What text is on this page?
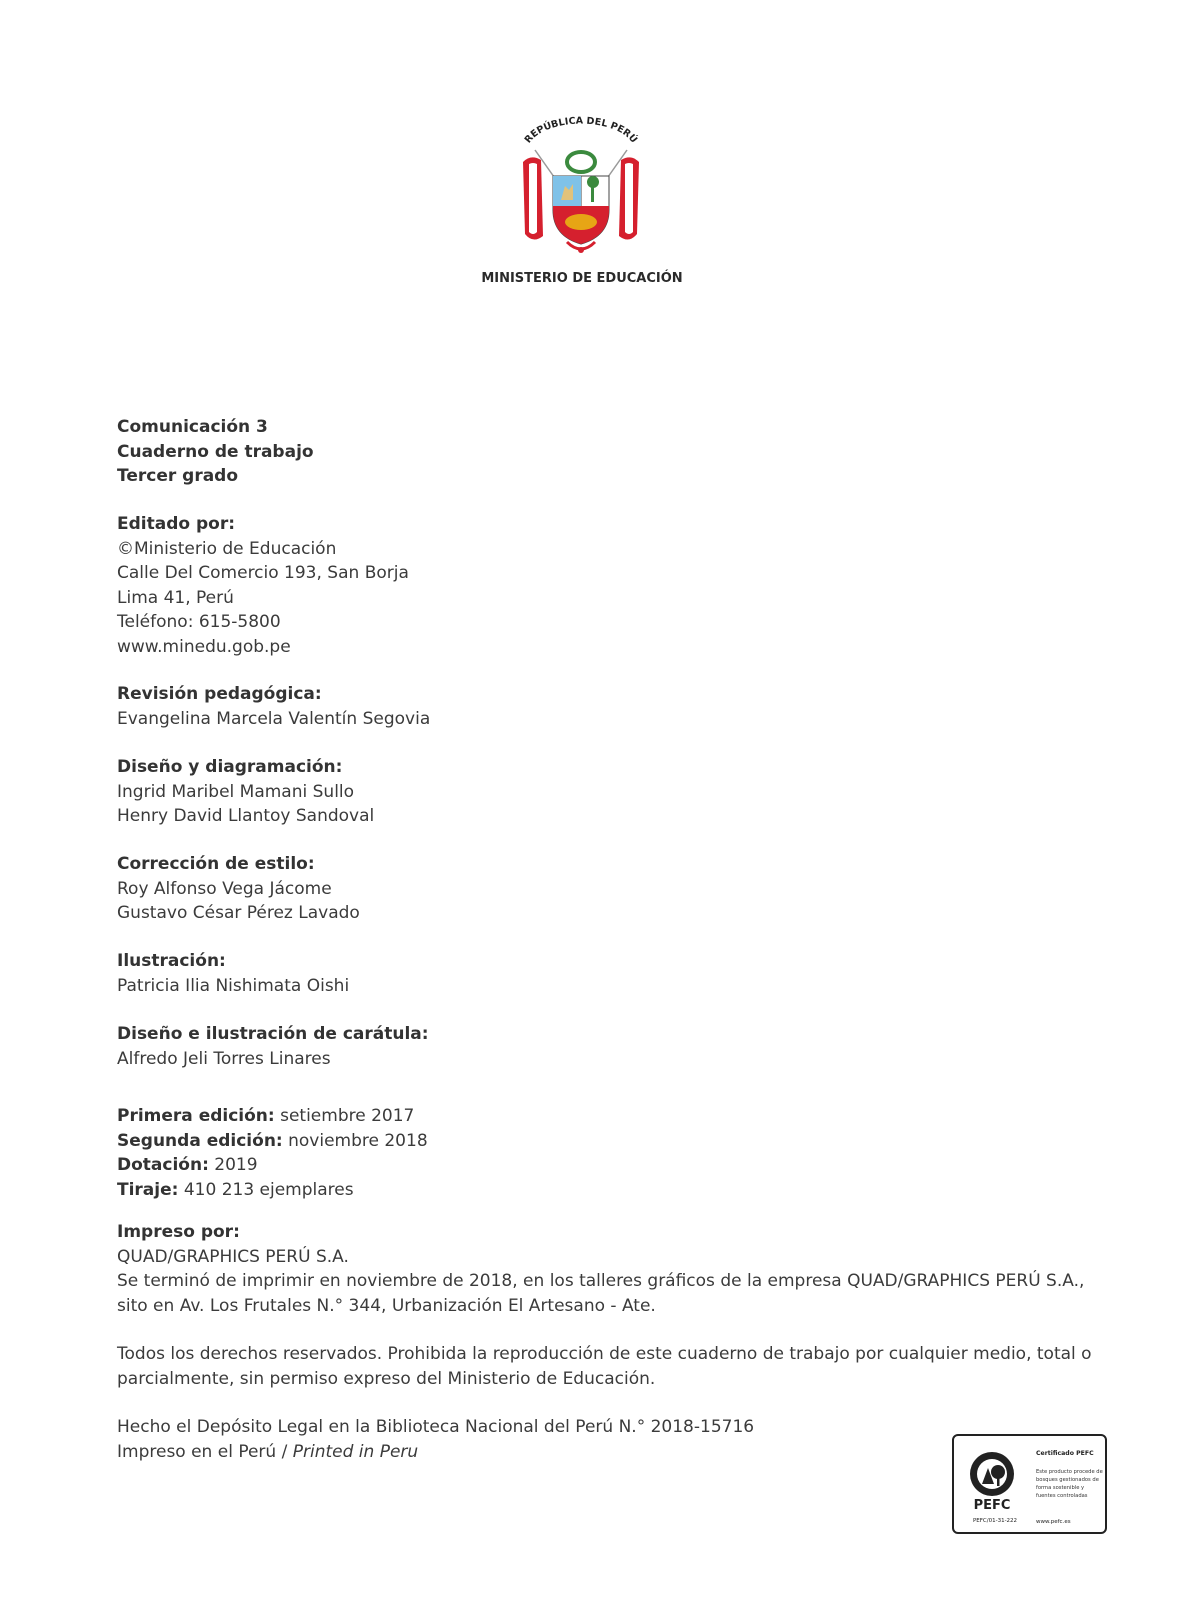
REPÚBLICA DEL PERÚ
MINISTERIO DE EDUCACIÓN
Comunicación 3
Cuaderno de trabajo
Tercer grado
Editado por:
©Ministerio de Educación
Calle Del Comercio 193, San Borja
Lima 41, Perú
Teléfono: 615-5800
www.minedu.gob.pe
Revisión pedagógica:
Evangelina Marcela Valentín Segovia
Diseño y diagramación:
Ingrid Maribel Mamani Sullo
Henry David Llantoy Sandoval
Corrección de estilo:
Roy Alfonso Vega Jácome
Gustavo César Pérez Lavado
Ilustración:
Patricia Ilia Nishimata Oishi
Diseño e ilustración de carátula:
Alfredo Jeli Torres Linares
Primera edición: setiembre 2017
Segunda edición: noviembre 2018
Dotación: 2019
Tiraje: 410 213 ejemplares
Impreso por:
QUAD/GRAPHICS PERÚ S.A.
Se terminó de imprimir en noviembre de 2018, en los talleres gráficos de la empresa QUAD/GRAPHICS PERÚ S.A.,
sito en Av. Los Frutales N.° 344, Urbanización El Artesano - Ate.
Todos los derechos reservados. Prohibida la reproducción de este cuaderno de trabajo por cualquier medio, total o
parcialmente, sin permiso expreso del Ministerio de Educación.
Hecho el Depósito Legal en la Biblioteca Nacional del Perú N.° 2018-15716
Impreso en el Perú / Printed in Peru
PEFC
PEFC/01-31-222
Certificado PEFC
Este producto procede de bosques gestionados de forma sostenible y fuentes controladas
www.pefc.es
